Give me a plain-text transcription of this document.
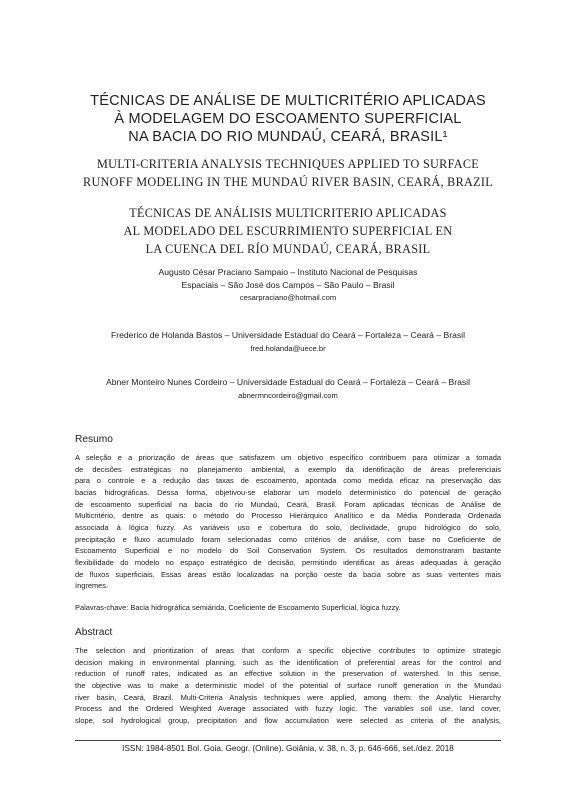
TÉCNICAS DE ANÁLISE DE MULTICRITÉRIO APLICADAS
À MODELAGEM DO ESCOAMENTO SUPERFICIAL
NA BACIA DO RIO MUNDAÚ, CEARÁ, BRASIL¹
MULTI-CRITERIA ANALYSIS TECHNIQUES APPLIED TO SURFACE
RUNOFF MODELING IN THE MUNDAÚ RIVER BASIN, CEARÁ, BRAZIL
TÉCNICAS DE ANÁLISIS MULTICRITERIO APLICADAS
AL MODELADO DEL ESCURRIMIENTO SUPERFICIAL EN
LA CUENCA DEL RÍO MUNDAÚ, CEARÁ, BRASIL
Augusto César Praciano Sampaio – Instituto Nacional de Pesquisas
Espaciais – São José dos Campos – São Paulo – Brasil
cesarpraciano@hotmail.com
Frederico de Holanda Bastos – Universidade Estadual do Ceará – Fortaleza – Ceará – Brasil
fred.holanda@uece.br
Abner Monteiro Nunes Cordeiro – Universidade Estadual do Ceará – Fortaleza – Ceará – Brasil
abnermncordeiro@gmail.com
Resumo
A seleção e a priorização de áreas que satisfazem um objetivo específico contribuem para otimizar a tomada
de decisões estratégicas no planejamento ambiental, a exemplo da identificação de áreas preferenciais
para o controle e a redução das taxas de escoamento, apontada como medida eficaz na preservação das
bacias hidrográficas. Dessa forma, objetivou-se elaborar um modelo determinístico do potencial de geração
de escoamento superficial na bacia do rio Mundaú, Ceará, Brasil. Foram aplicadas técnicas de Análise de
Multicritério, dentre as quais: o método do Processo Hierárquico Analítico e da Média Ponderada Ordenada
associada à lógica fuzzy. As variáveis uso e cobertura do solo, declividade, grupo hidrológico do solo,
precipitação e fluxo acumulado foram selecionadas como critérios de análise, com base no Coeficiente de
Escoamento Superficial e no modelo do Soil Conservation System. Os resultados demonstraram bastante
flexibilidade do modelo no espaço estratégico de decisão, permitindo identificar as áreas adequadas à geração
de fluxos superficiais. Essas áreas estão localizadas na porção oeste da bacia sobre as suas vertentes mais
íngremes.
Palavras-chave: Bacia hidrográfica semiárida, Coeficiente de Escoamento Superficial, lógica fuzzy.
Abstract
The selection and prioritization of areas that conform a specific objective contributes to optimize strategic
decision making in environmental planning, such as the identification of preferential areas for the control and
reduction of runoff rates, indicated as an effective solution in the preservation of watershed. In this sense,
the objective was to make a deterministic model of the potential of surface runoff generation in the Mundaú
river basin, Ceará, Brazil. Multi-Criteria Analysis techniques were applied, among them: the Analytic Hierarchy
Process and the Ordered Weighted Average associated with fuzzy logic. The variables soil use, land cover,
slope, soil hydrological group, precipitation and flow accumulation were selected as criteria of the analysis,
ISSN: 1984-8501 Bol. Goia. Geogr. (Online). Goiânia, v. 38, n. 3, p. 646-666, set./dez. 2018
